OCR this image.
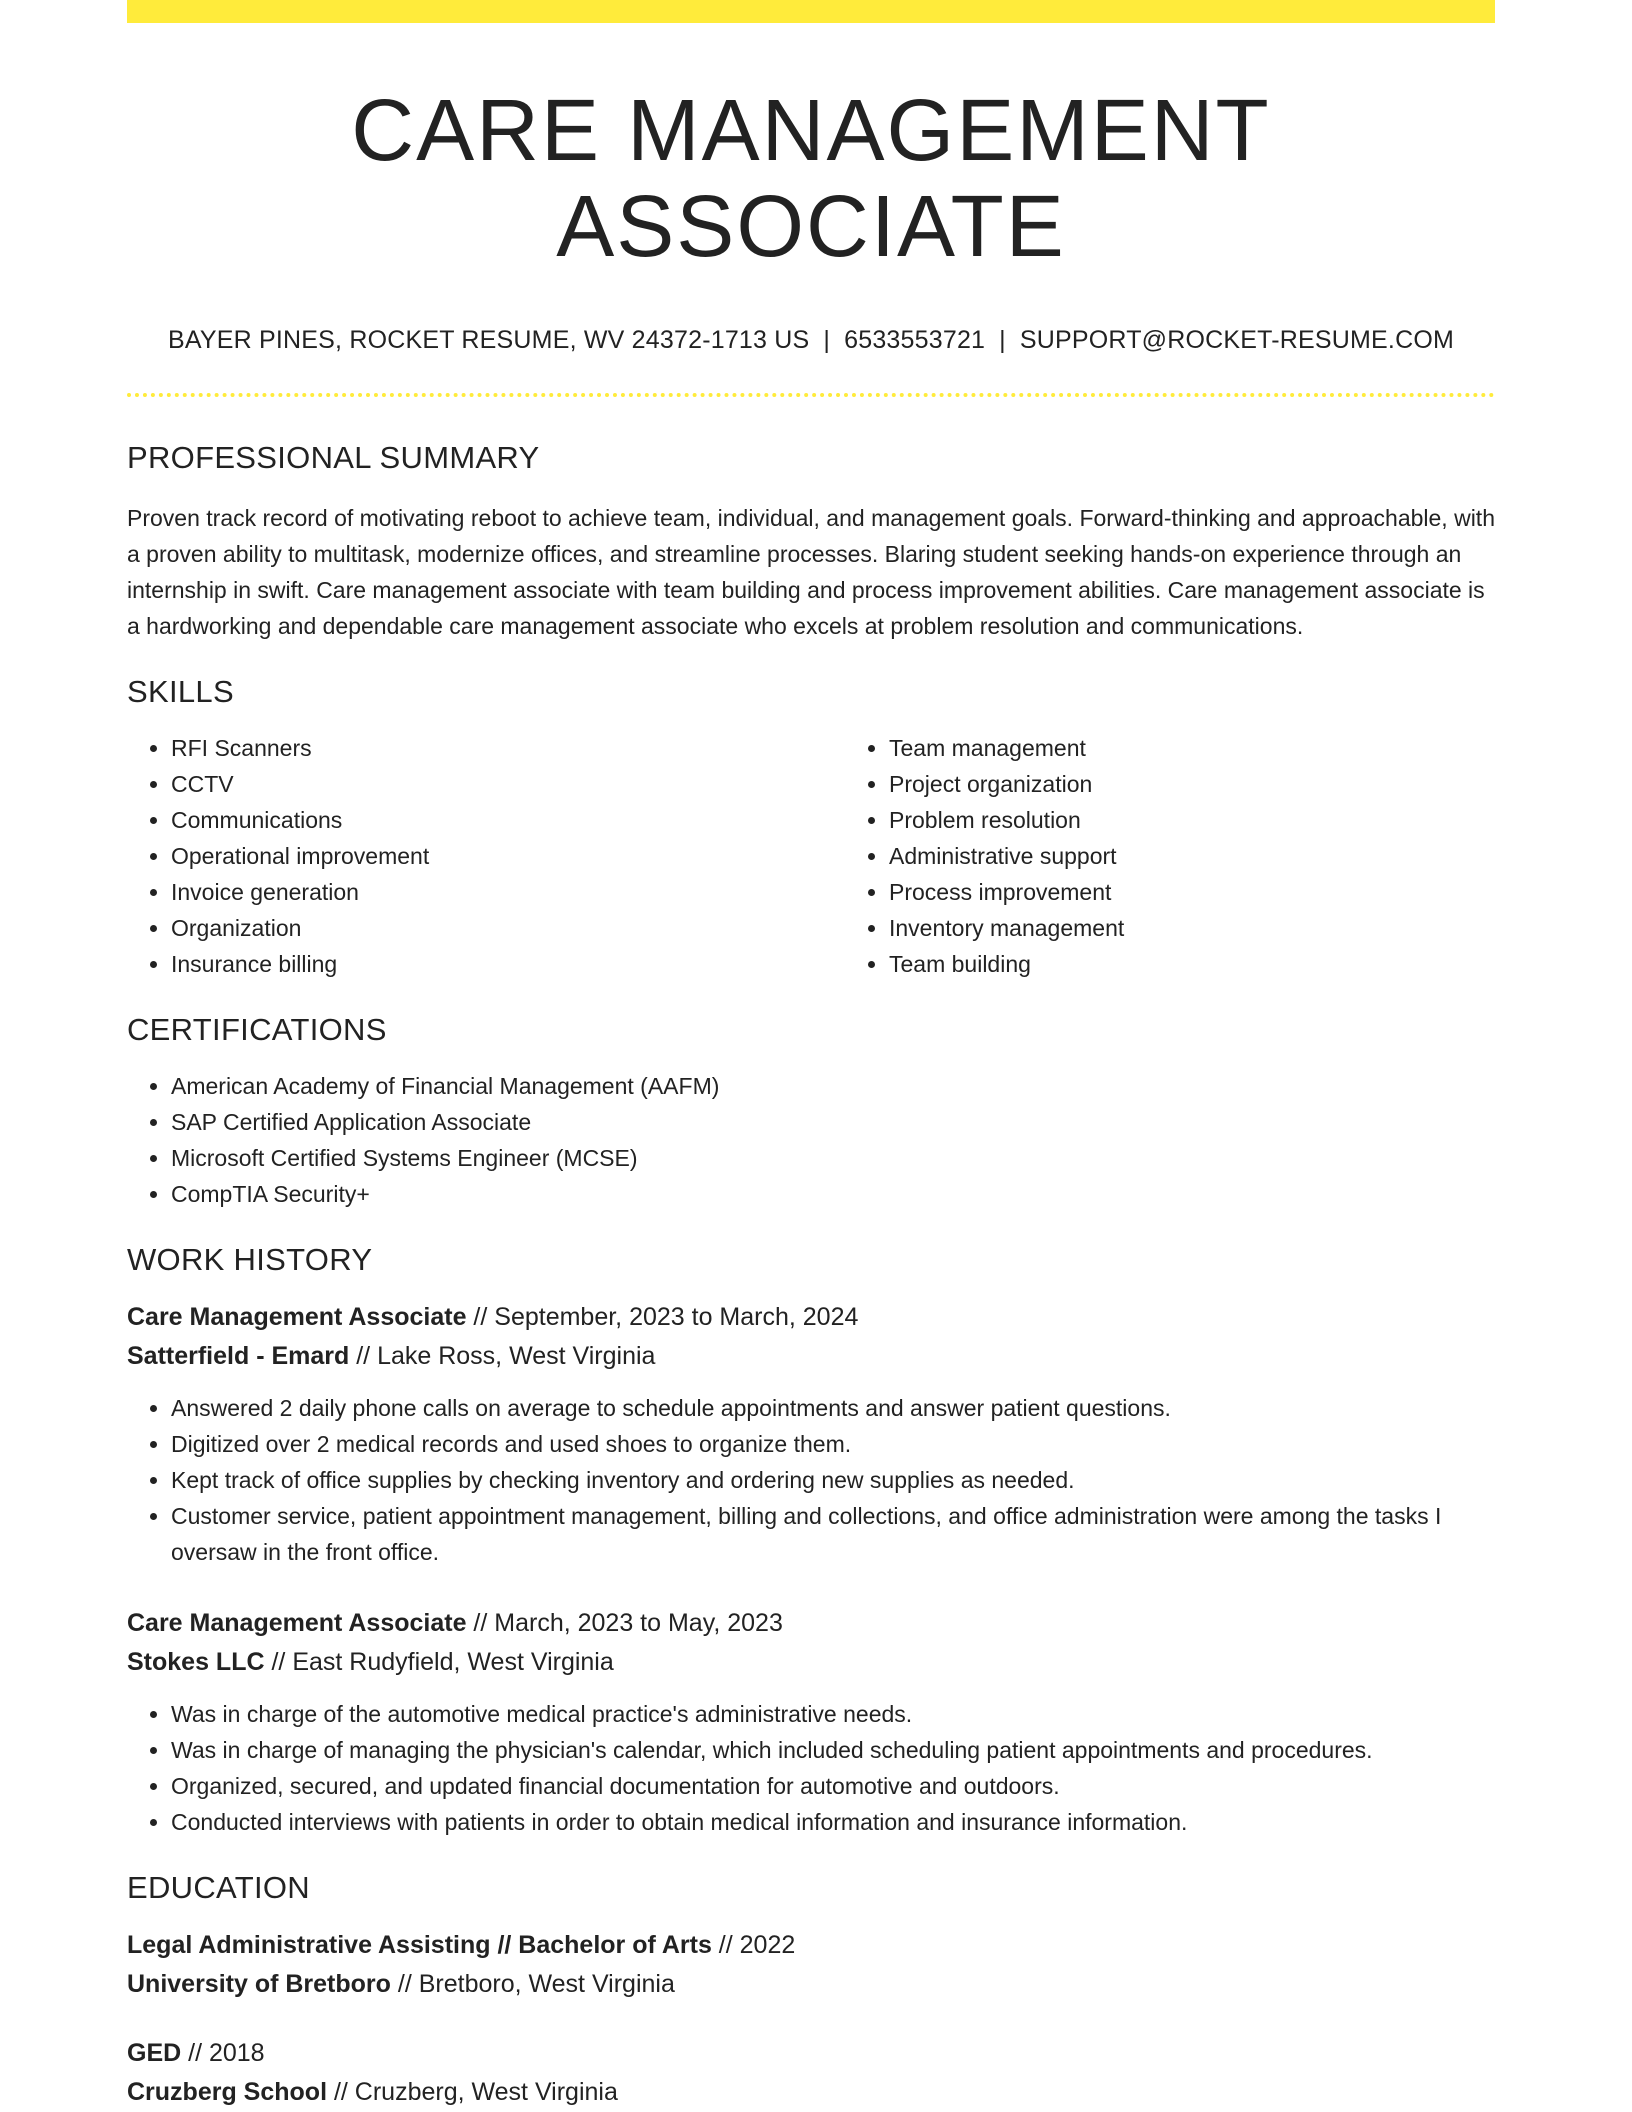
CARE MANAGEMENT ASSOCIATE
BAYER PINES, ROCKET RESUME, WV 24372-1713 US | 6533553721 | SUPPORT@ROCKET-RESUME.COM
PROFESSIONAL SUMMARY

Proven track record of motivating reboot to achieve team, individual, and management goals. Forward-thinking and approachable, with a proven ability to multitask, modernize offices, and streamline processes. Blaring student seeking hands-on experience through an internship in swift. Care management associate with team building and process improvement abilities. Care management associate is a hardworking and dependable care management associate who excels at problem resolution and communications.

SKILLS
• RFI Scanners
• CCTV
• Communications
• Operational improvement
• Invoice generation
• Organization
• Insurance billing
• Team management
• Project organization
• Problem resolution
• Administrative support
• Process improvement
• Inventory management
• Team building
CERTIFICATIONS
• American Academy of Financial Management (AAFM)
• SAP Certified Application Associate
• Microsoft Certified Systems Engineer (MCSE)
• CompTIA Security+
WORK HISTORY
Care Management Associate // September, 2023 to March, 2024
Satterfield - Emard // Lake Ross, West Virginia
• Answered 2 daily phone calls on average to schedule appointments and answer patient questions.
• Digitized over 2 medical records and used shoes to organize them.
• Kept track of office supplies by checking inventory and ordering new supplies as needed.
• Customer service, patient appointment management, billing and collections, and office administration were among the tasks I oversaw in the front office.
Care Management Associate // March, 2023 to May, 2023
Stokes LLC // East Rudyfield, West Virginia
• Was in charge of the automotive medical practice's administrative needs.
• Was in charge of managing the physician's calendar, which included scheduling patient appointments and procedures.
• Organized, secured, and updated financial documentation for automotive and outdoors.
• Conducted interviews with patients in order to obtain medical information and insurance information.
EDUCATION
Legal Administrative Assisting // Bachelor of Arts // 2022
University of Bretboro // Bretboro, West Virginia
GED // 2018
Cruzberg School // Cruzberg, West Virginia
